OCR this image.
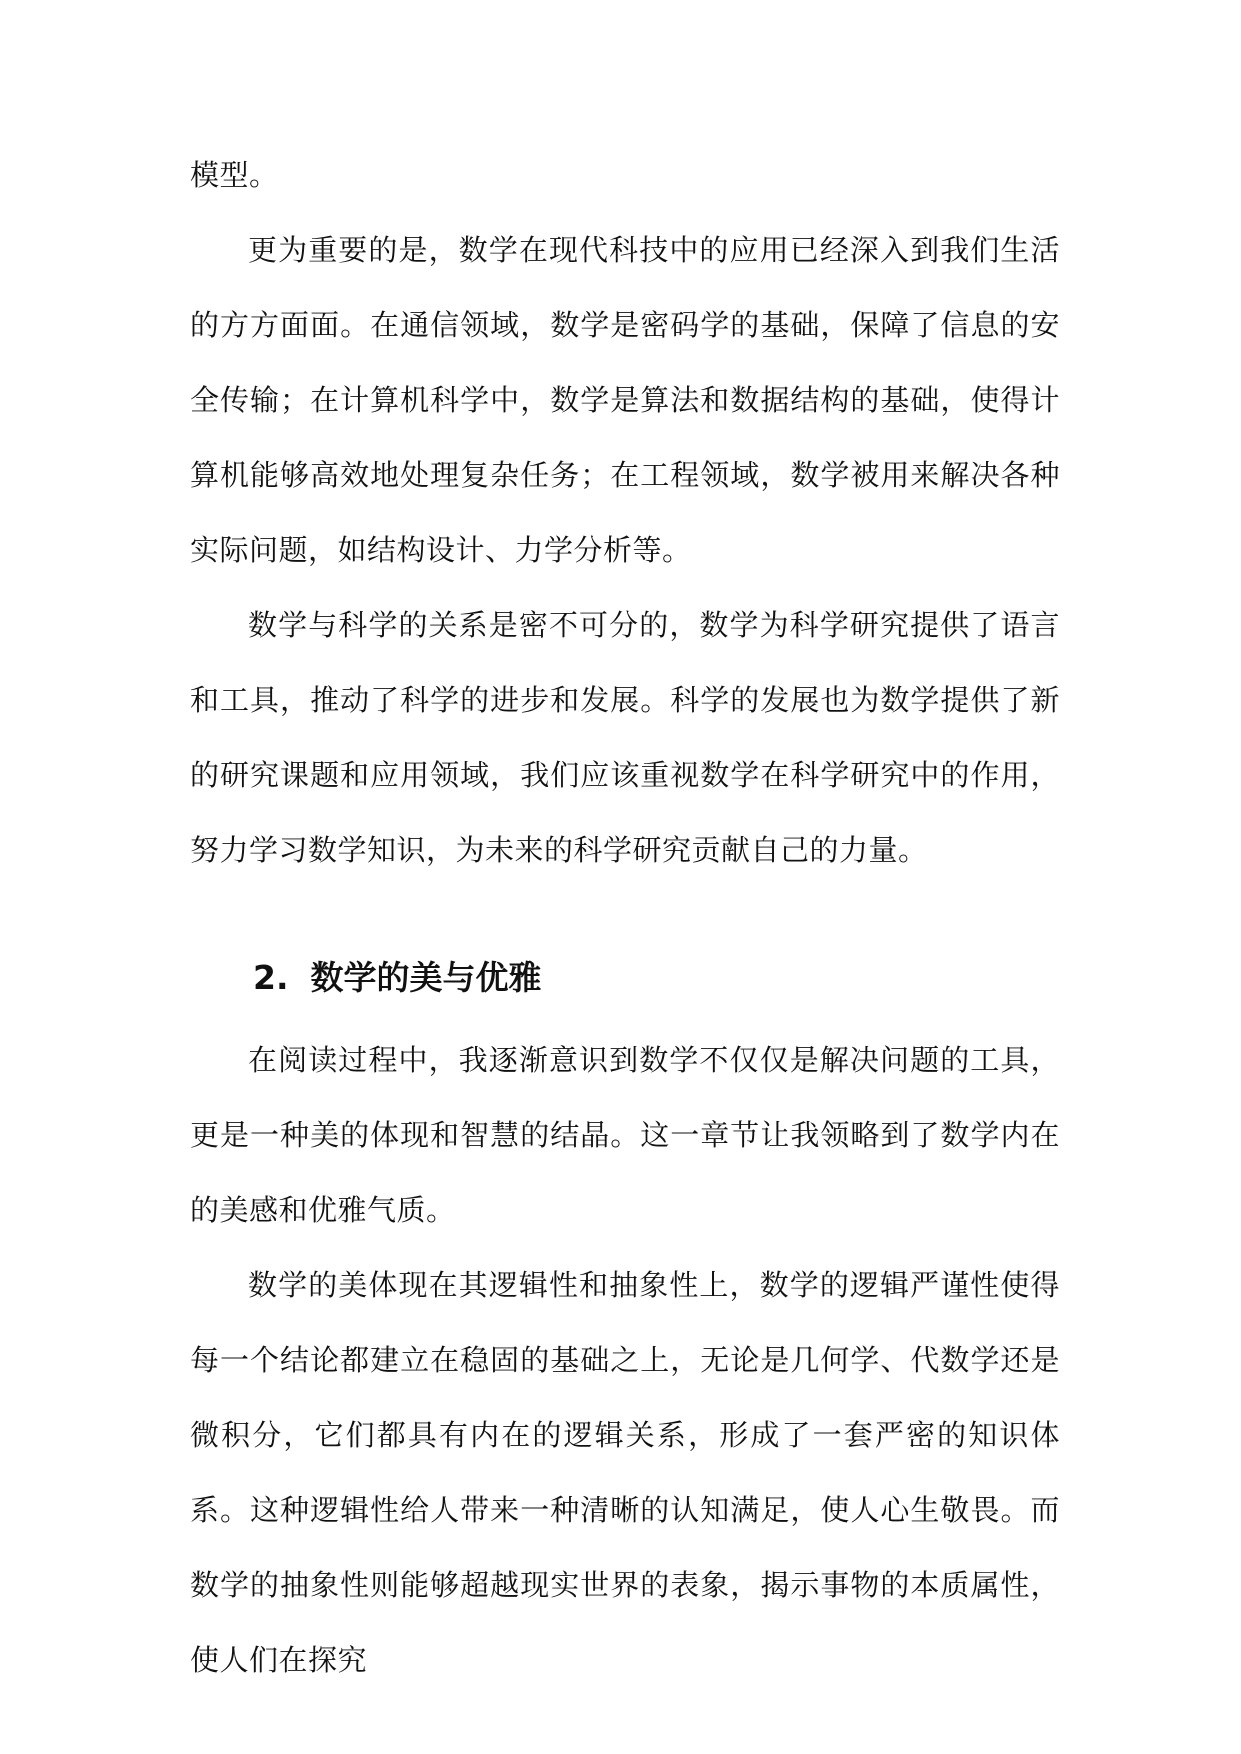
模型。

更为重要的是，数学在现代科技中的应用已经深入到我们生活的方方面面。在通信领域，数学是密码学的基础，保障了信息的安全传输；在计算机科学中，数学是算法和数据结构的基础，使得计算机能够高效地处理复杂任务；在工程领域，数学被用来解决各种实际问题，如结构设计、力学分析等。

数学与科学的关系是密不可分的，数学为科学研究提供了语言和工具，推动了科学的进步和发展。科学的发展也为数学提供了新的研究课题和应用领域，我们应该重视数学在科学研究中的作用，努力学习数学知识，为未来的科学研究贡献自己的力量。

2. 数学的美与优雅

在阅读过程中，我逐渐意识到数学不仅仅是解决问题的工具，更是一种美的体现和智慧的结晶。这一章节让我领略到了数学内在的美感和优雅气质。

数学的美体现在其逻辑性和抽象性上，数学的逻辑严谨性使得每一个结论都建立在稳固的基础之上，无论是几何学、代数学还是微积分，它们都具有内在的逻辑关系，形成了一套严密的知识体系。这种逻辑性给人带来一种清晰的认知满足，使人心生敬畏。而数学的抽象性则能够超越现实世界的表象，揭示事物的本质属性，使人们在探究
